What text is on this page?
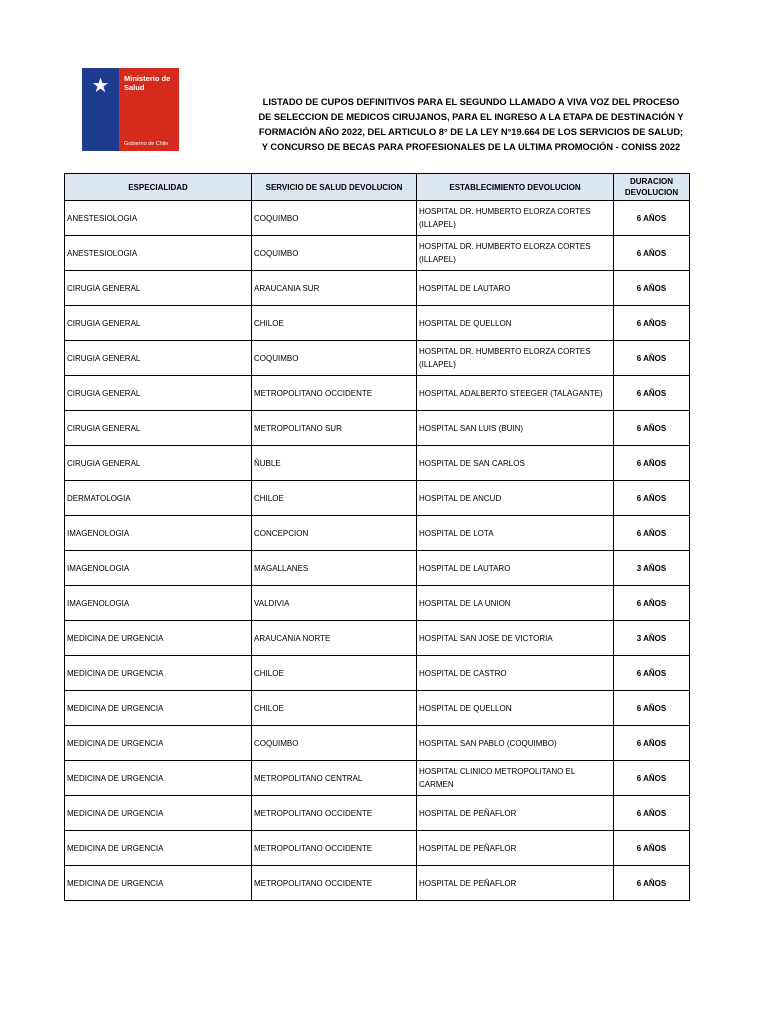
★	Ministerio de Salud
Gobierno de Chile
LISTADO DE CUPOS DEFINITIVOS PARA EL SEGUNDO LLAMADO A VIVA VOZ DEL PROCESO DE SELECCION DE MEDICOS CIRUJANOS, PARA EL INGRESO A LA ETAPA DE DESTINACIÓN Y FORMACIÓN AÑO 2022, DEL ARTICULO 8° DE LA LEY N°19.664 DE LOS SERVICIOS DE SALUD; Y CONCURSO DE BECAS PARA PROFESIONALES DE LA ULTIMA PROMOCIÓN - CONISS 2022
ESPECIALIDAD	SERVICIO DE SALUD DEVOLUCION	ESTABLECIMIENTO DEVOLUCION	DURACION DEVOLUCION
ANESTESIOLOGIA	COQUIMBO	HOSPITAL DR. HUMBERTO ELORZA CORTES (ILLAPEL)	6 AÑOS
ANESTESIOLOGIA	COQUIMBO	HOSPITAL DR. HUMBERTO ELORZA CORTES (ILLAPEL)	6 AÑOS
CIRUGIA GENERAL	ARAUCANIA SUR	HOSPITAL DE LAUTARO	6 AÑOS
CIRUGIA GENERAL	CHILOE	HOSPITAL DE QUELLON	6 AÑOS
CIRUGIA GENERAL	COQUIMBO	HOSPITAL DR. HUMBERTO ELORZA CORTES (ILLAPEL)	6 AÑOS
CIRUGIA GENERAL	METROPOLITANO OCCIDENTE	HOSPITAL ADALBERTO STEEGER (TALAGANTE)	6 AÑOS
CIRUGIA GENERAL	METROPOLITANO SUR	HOSPITAL SAN LUIS (BUIN)	6 AÑOS
CIRUGIA GENERAL	ÑUBLE	HOSPITAL DE SAN CARLOS	6 AÑOS
DERMATOLOGIA	CHILOE	HOSPITAL DE ANCUD	6 AÑOS
IMAGENOLOGIA	CONCEPCION	HOSPITAL DE LOTA	6 AÑOS
IMAGENOLOGIA	MAGALLANES	HOSPITAL DE LAUTARO	3 AÑOS
IMAGENOLOGIA	VALDIVIA	HOSPITAL DE LA UNION	6 AÑOS
MEDICINA DE URGENCIA	ARAUCANIA NORTE	HOSPITAL SAN JOSE DE VICTORIA	3 AÑOS
MEDICINA DE URGENCIA	CHILOE	HOSPITAL DE CASTRO	6 AÑOS
MEDICINA DE URGENCIA	CHILOE	HOSPITAL DE QUELLON	6 AÑOS
MEDICINA DE URGENCIA	COQUIMBO	HOSPITAL SAN PABLO (COQUIMBO)	6 AÑOS
MEDICINA DE URGENCIA	METROPOLITANO CENTRAL	HOSPITAL CLINICO METROPOLITANO EL CARMEN	6 AÑOS
MEDICINA DE URGENCIA	METROPOLITANO OCCIDENTE	HOSPITAL DE PEÑAFLOR	6 AÑOS
MEDICINA DE URGENCIA	METROPOLITANO OCCIDENTE	HOSPITAL DE PEÑAFLOR	6 AÑOS
MEDICINA DE URGENCIA	METROPOLITANO OCCIDENTE	HOSPITAL DE PEÑAFLOR	6 AÑOS
